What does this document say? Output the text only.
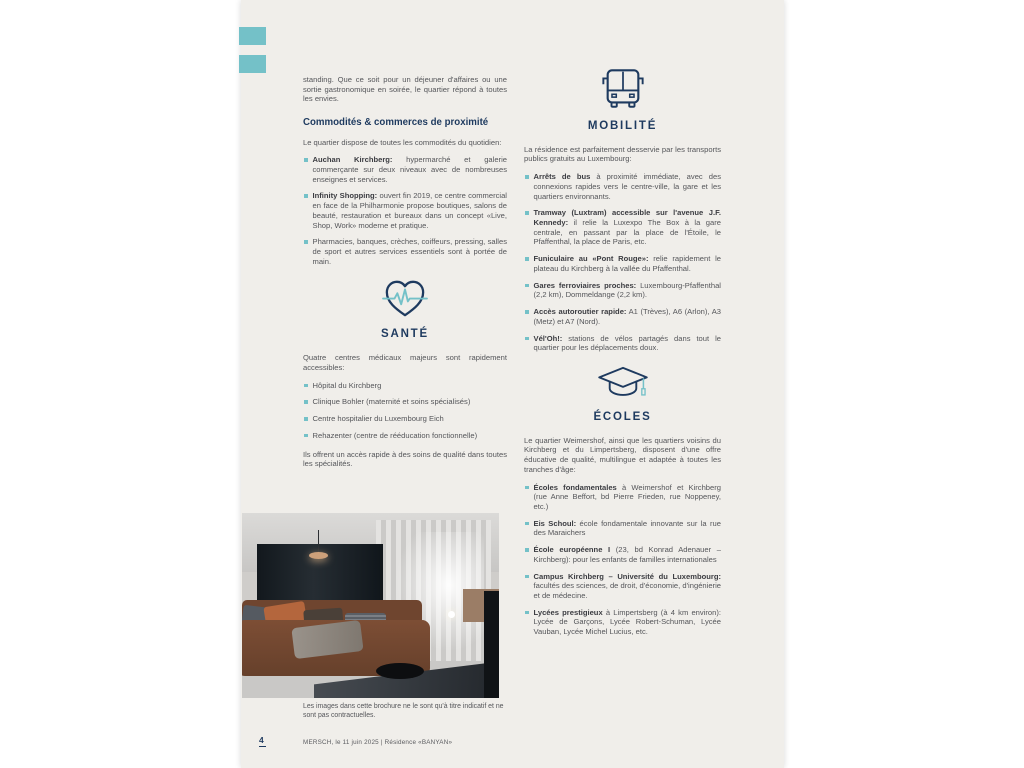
standing. Que ce soit pour un déjeuner d'affaires ou une sortie gastronomique en soirée, le quartier répond à toutes les envies.

Commodités & commerces de proximité

Le quartier dispose de toutes les commodités du quotidien:

Auchan Kirchberg: hypermarché et galerie commerçante sur deux niveaux avec de nombreuses enseignes et services.
Infinity Shopping: ouvert fin 2019, ce centre commercial en face de la Philharmonie propose boutiques, salons de beauté, restauration et bureaux dans un concept «Live, Shop, Work» moderne et pratique.
Pharmacies, banques, crèches, coiffeurs, pressing, salles de sport et autres services essentiels sont à portée de main.
SANTÉ

Quatre centres médicaux majeurs sont rapidement accessibles:

Hôpital du Kirchberg
Clinique Bohler (maternité et soins spécialisés)
Centre hospitalier du Luxembourg Eich
Rehazenter (centre de rééducation fonctionnelle)

Ils offrent un accès rapide à des soins de qualité dans toutes les spécialités.

MOBILITÉ

La résidence est parfaitement desservie par les transports publics gratuits au Luxembourg:

Arrêts de bus à proximité immédiate, avec des connexions rapides vers le centre-ville, la gare et les quartiers environnants.
Tramway (Luxtram) accessible sur l'avenue J.F. Kennedy: il relie la Luxexpo The Box à la gare centrale, en passant par la place de l'Étoile, le Pfaffenthal, la place de Paris, etc.
Funiculaire au «Pont Rouge»: relie rapidement le plateau du Kirchberg à la vallée du Pfaffenthal.
Gares ferroviaires proches: Luxembourg-Pfaffenthal (2,2 km), Dommeldange (2,2 km).
Accès autoroutier rapide: A1 (Trèves), A6 (Arlon), A3 (Metz) et A7 (Nord).
Vél'Oh!: stations de vélos partagés dans tout le quartier pour les déplacements doux.
ÉCOLES

Le quartier Weimershof, ainsi que les quartiers voisins du Kirchberg et du Limpertsberg, disposent d'une offre éducative de qualité, multilingue et adaptée à toutes les tranches d'âge:

Écoles fondamentales à Weimershof et Kirchberg (rue Anne Beffort, bd Pierre Frieden, rue Noppeney, etc.)
Eis Schoul: école fondamentale innovante sur la rue des Maraichers
École européenne I (23, bd Konrad Adenauer – Kirchberg): pour les enfants de familles internationales
Campus Kirchberg – Université du Luxembourg: facultés des sciences, de droit, d'économie, d'ingénierie et de médecine.
Lycées prestigieux à Limpertsberg (à 4 km environ): Lycée de Garçons, Lycée Robert-Schuman, Lycée Vauban, Lycée Michel Lucius, etc.
Les images dans cette brochure ne le sont qu'à titre indicatif et ne sont pas contractuelles.
4	MERSCH, le 11 juin 2025 | Résidence «BANYAN»
